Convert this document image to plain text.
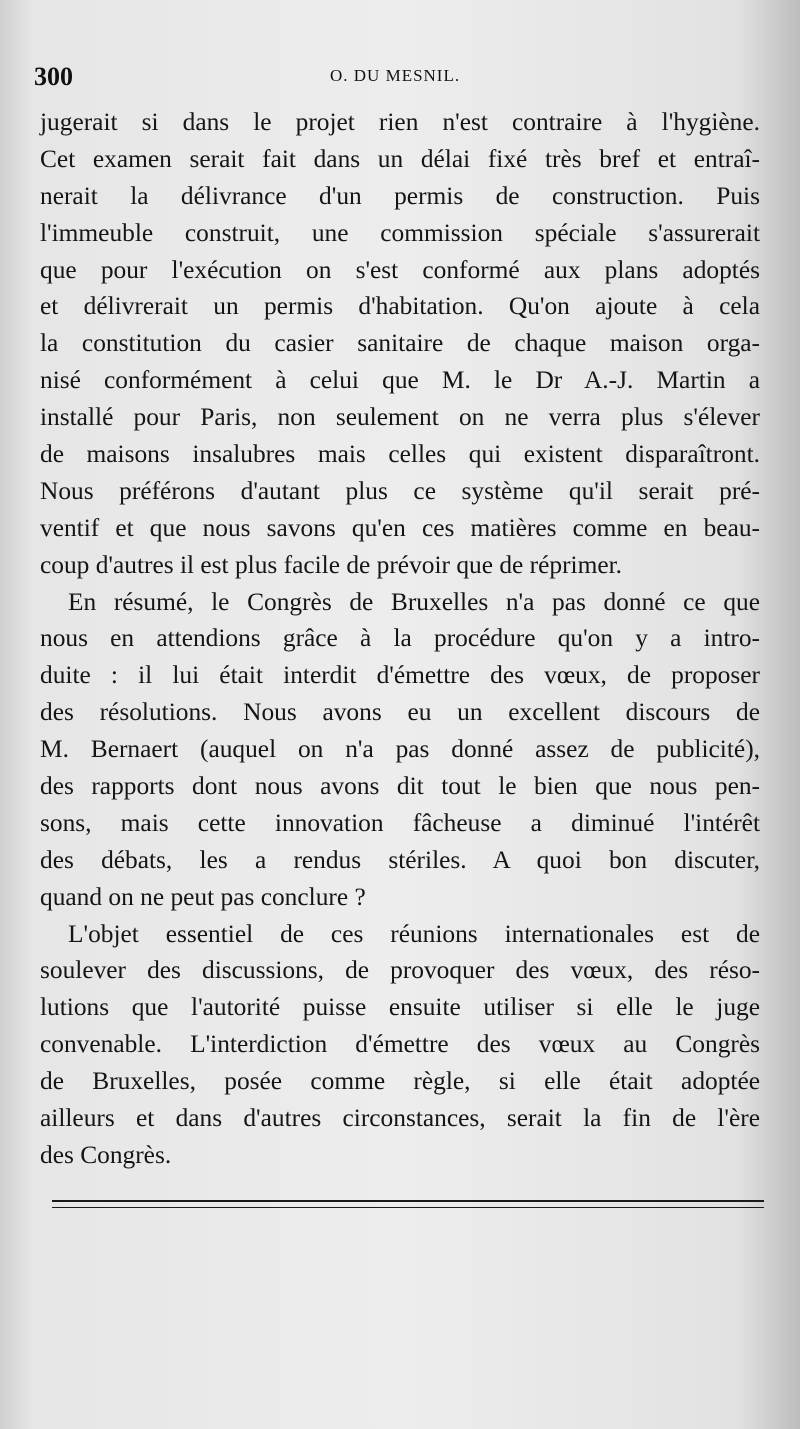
300	O. DU MESNIL.
jugerait si dans le projet rien n'est contraire à l'hygiène.
Cet examen serait fait dans un délai fixé très bref et entraî-
nerait la délivrance d'un permis de construction. Puis
l'immeuble construit, une commission spéciale s'assurerait
que pour l'exécution on s'est conformé aux plans adoptés
et délivrerait un permis d'habitation. Qu'on ajoute à cela
la constitution du casier sanitaire de chaque maison orga-
nisé conformément à celui que M. le Dr A.-J. Martin a
installé pour Paris, non seulement on ne verra plus s'élever
de maisons insalubres mais celles qui existent disparaîtront.
Nous préférons d'autant plus ce système qu'il serait pré-
ventif et que nous savons qu'en ces matières comme en beau-
coup d'autres il est plus facile de prévoir que de réprimer.
En résumé, le Congrès de Bruxelles n'a pas donné ce que
nous en attendions grâce à la procédure qu'on y a intro-
duite : il lui était interdit d'émettre des vœux, de proposer
des résolutions. Nous avons eu un excellent discours de
M. Bernaert (auquel on n'a pas donné assez de publicité),
des rapports dont nous avons dit tout le bien que nous pen-
sons, mais cette innovation fâcheuse a diminué l'intérêt
des débats, les a rendus stériles. A quoi bon discuter,
quand on ne peut pas conclure ?
L'objet essentiel de ces réunions internationales est de
soulever des discussions, de provoquer des vœux, des réso-
lutions que l'autorité puisse ensuite utiliser si elle le juge
convenable. L'interdiction d'émettre des vœux au Congrès
de Bruxelles, posée comme règle, si elle était adoptée
ailleurs et dans d'autres circonstances, serait la fin de l'ère
des Congrès.
